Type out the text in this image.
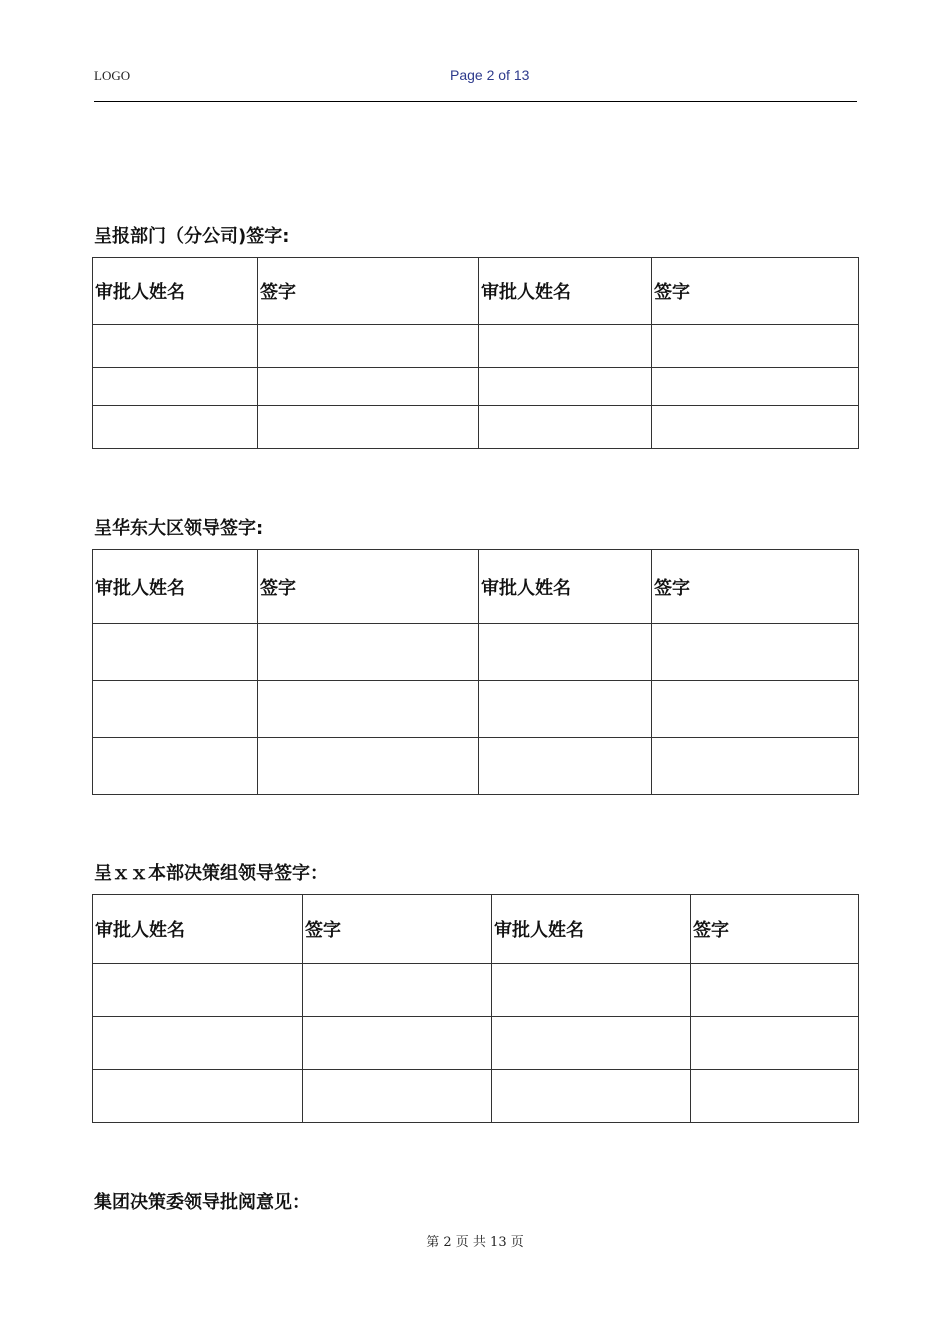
LOGO	Page 2 of 13
呈报部门（分公司)签字:
审批人姓名	签字	审批人姓名	签字

呈华东大区领导签字:
审批人姓名	签字	审批人姓名	签字

呈ｘｘ本部决策组领导签字：
审批人姓名	签字	审批人姓名	签字

集团决策委领导批阅意见：
第 2 页 共 13 页
